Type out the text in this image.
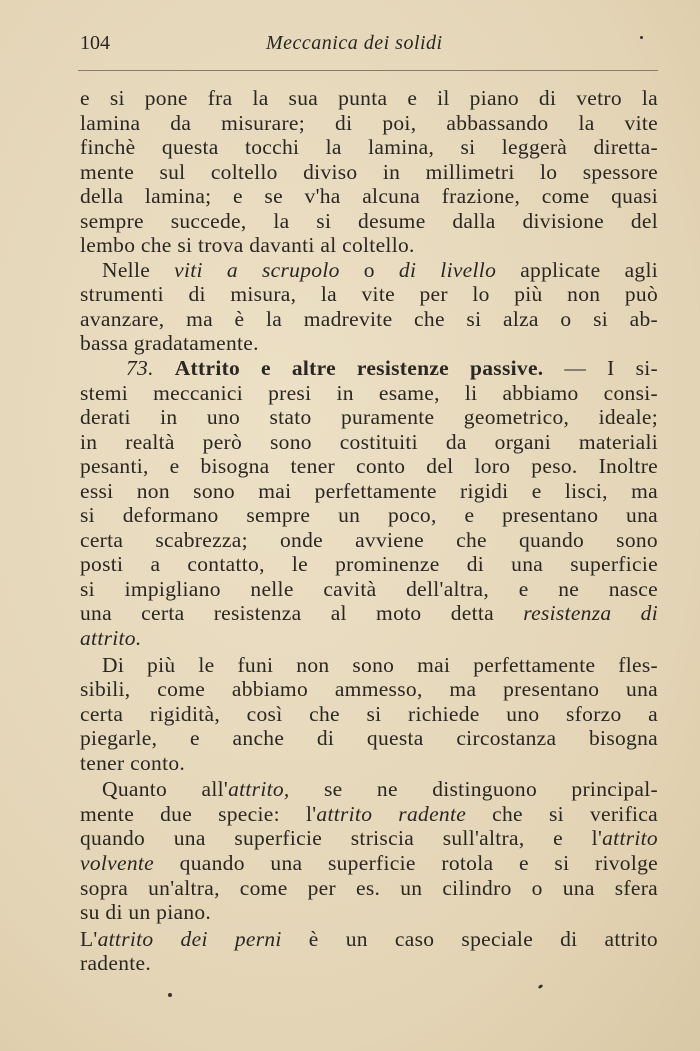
104	Meccanica dei solidi
e si pone fra la sua punta e il piano di vetro la
lamina da misurare; di poi, abbassando la vite
finchè questa tocchi la lamina, si leggerà diretta-
mente sul coltello diviso in millimetri lo spessore
della lamina; e se v'ha alcuna frazione, come quasi
sempre succede, la si desume dalla divisione del
lembo che si trova davanti al coltello.
Nelle viti a scrupolo o di livello applicate agli
strumenti di misura, la vite per lo più non può
avanzare, ma è la madrevite che si alza o si ab-
bassa gradatamente.
73. Attrito e altre resistenze passive. — I si-
stemi meccanici presi in esame, li abbiamo consi-
derati in uno stato puramente geometrico, ideale;
in realtà però sono costituiti da organi materiali
pesanti, e bisogna tener conto del loro peso. Inoltre
essi non sono mai perfettamente rigidi e lisci, ma
si deformano sempre un poco, e presentano una
certa scabrezza; onde avviene che quando sono
posti a contatto, le prominenze di una superficie
si impigliano nelle cavità dell'altra, e ne nasce
una certa resistenza al moto detta resistenza di
attrito.
Di più le funi non sono mai perfettamente fles-
sibili, come abbiamo ammesso, ma presentano una
certa rigidità, così che si richiede uno sforzo a
piegarle, e anche di questa circostanza bisogna
tener conto.
Quanto all'attrito, se ne distinguono principal-
mente due specie: l'attrito radente che si verifica
quando una superficie striscia sull'altra, e l'attrito
volvente quando una superficie rotola e si rivolge
sopra un'altra, come per es. un cilindro o una sfera
su di un piano.
L'attrito dei perni è un caso speciale di attrito
radente.
